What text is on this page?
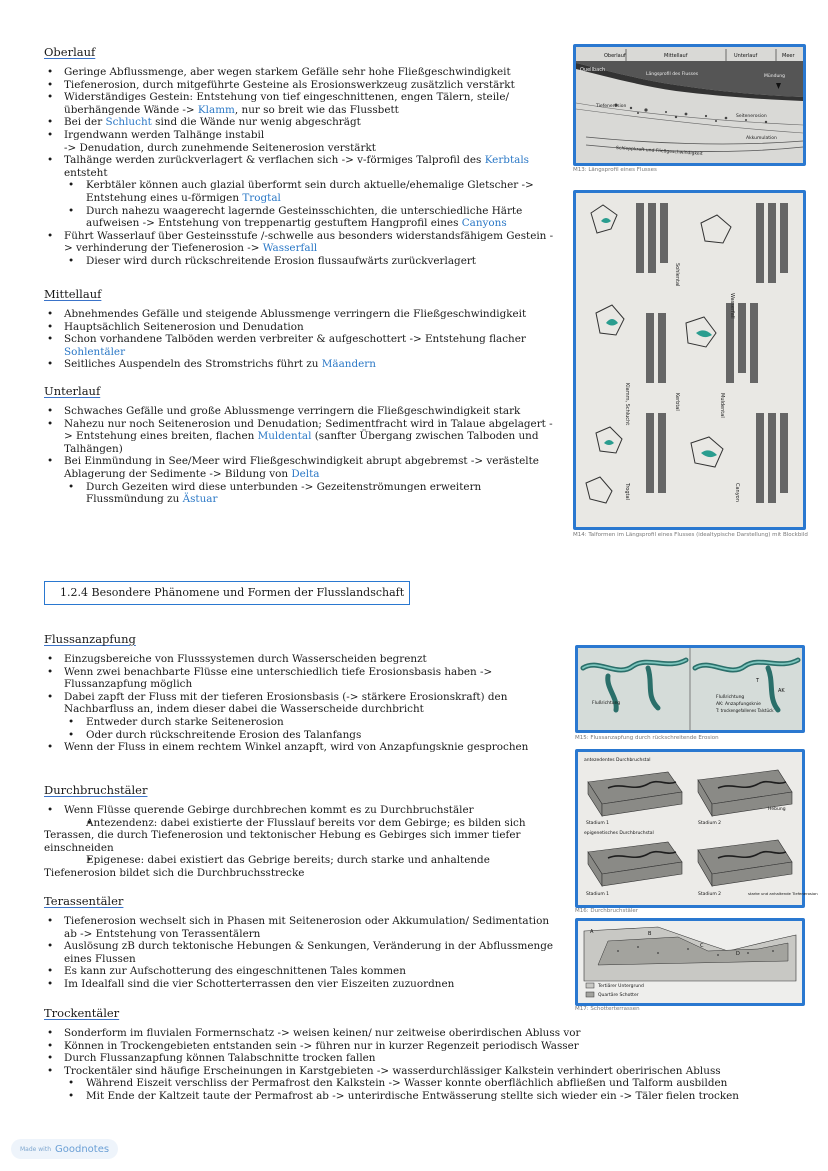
Oberlauf

• Geringe Abflussmenge, aber wegen starkem Gefälle sehr hohe Fließgeschwindigkeit
• Tiefenerosion, durch mitgeführte Gesteine als Erosionswerkzeug zusätzlich verstärkt
• Widerständiges Gestein: Entstehung von tief eingeschnittenen, engen Tälern, steile/ überhängende Wände -> Klamm, nur so breit wie das Flussbett
• Bei der Schlucht sind die Wände nur wenig abgeschrägt
• Irgendwann werden Talhänge instabil
-> Denudation, durch zunehmende Seitenerosion verstärkt
• Talhänge werden zurückverlagert & verflachen sich -> v-förmiges Talprofil des Kerbtals entsteht
• Kerbtäler können auch glazial überformt sein durch aktuelle/ehemalige Gletscher -> Entstehung eines u-förmigen Trogtal
• Durch nahezu waagerecht lagernde Gesteinsschichten, die unterschiedliche Härte aufweisen -> Entstehung von treppenartig gestuftem Hangprofil eines Canyons
• Führt Wasserlauf über Gesteinsstufe /-schwelle aus besonders widerstandsfähigem Gestein -> verhinderung der Tiefenerosion -> Wasserfall
• Dieser wird durch rückschreitende Erosion flussaufwärts zurückverlagert

Mittellauf

• Abnehmendes Gefälle und steigende Ablussmenge verringern die Fließgeschwindigkeit
• Hauptsächlich Seitenerosion und Denudation
• Schon vorhandene Talböden werden verbreiter & aufgeschottert -> Entstehung flacher Sohlentäler
• Seitliches Auspendeln des Stromstrichs führt zu Mäandern

Unterlauf

• Schwaches Gefälle und große Ablussmenge verringern die Fließgeschwindigkeit stark
• Nahezu nur noch Seitenerosion und Denudation; Sedimentfracht wird in Talaue abgelagert -> Entstehung eines breiten, flachen Muldental (sanfter Übergang zwischen Talboden und Talhängen)
• Bei Einmündung in See/Meer wird Fließgeschwindigkeit abrupt abgebremst -> verästelte Ablagerung der Sedimente -> Bildung von Delta
• Durch Gezeiten wird diese unterbunden -> Gezeitenströmungen erweitern Flussmündung zu Ästuar
1.2.4 Besondere Phänomene und Formen der Flusslandschaft

Flussanzapfung

• Einzugsbereiche von Flusssystemen durch Wasserscheiden begrenzt
• Wenn zwei benachbarte Flüsse eine unterschiedlich tiefe Erosionsbasis haben -> Flussanzapfung möglich
• Dabei zapft der Fluss mit der tieferen Erosionsbasis (-> stärkere Erosionskraft) den Nachbarfluss an, indem dieser dabei die Wasserscheide durchbricht
• Entweder durch starke Seitenerosion
• Oder durch rückschreitende Erosion des Talanfangs
• Wenn der Fluss in einem rechtem Winkel anzapft, wird von Anzapfungsknie gesprochen

Durchbruchstäler

• Wenn Flüsse querende Gebirge durchbrechen kommt es zu Durchbruchstäler
• Antezendenz: dabei existierte der Flusslauf bereits vor dem Gebirge; es bilden sich Terassen, die durch Tiefenerosion und tektonischer Hebung es Gebirges sich immer tiefer einschneiden
• Epigenese: dabei existiert das Gebrige bereits; durch starke und anhaltende Tiefenerosion bildet sich die Durchbruchsstrecke

Terassentäler

• Tiefenerosion wechselt sich in Phasen mit Seitenerosion oder Akkumulation/ Sedimentation ab -> Entstehung von Terassentälern
• Auslösung zB durch tektonische Hebungen & Senkungen, Veränderung in der Abflussmenge eines Flussen
• Es kann zur Aufschotterung des eingeschnittenen Tales kommen
• Im Idealfall sind die vier Schotterterrassen den vier Eiszeiten zuzuordnen

Trockentäler

• Sonderform im fluvialen Formernschatz -> weisen keinen/ nur zeitweise oberirdischen Abluss vor
• Können in Trockengebieten entstanden sein -> führen nur in kurzer Regenzeit periodisch Wasser
• Durch Flussanzapfung können Talabschnitte trocken fallen
• Trockentäler sind häufige Erscheinungen in Karstgebieten -> wasserdurchlässiger Kalkstein verhindert oberirischen Abluss
• Während Eiszeit verschliss der Permafrost den Kalkstein -> Wasser konnte oberflächlich abfließen und Talform ausbilden
• Mit Ende der Kaltzeit taute der Permafrost ab -> unterirdische Entwässerung stellte sich wieder ein -> Täler fielen trocken
Oberlauf	Mittellauf	Unterlauf	Meer
Quellbach
Längsprofil des Flusses	Mündung
Tiefenerosion
Seitenerosion
Akkumulation
Schleppkraft und Fließgeschwindigkeit
M13: Längsprofil eines Flusses
Wasserfall
Kerbtal
Klamm, Schlucht
Trogtal
Sohlental
Muldental
Canyon
M14: Talformen im Längsprofil eines Flusses (idealtypische Darstellung) mit Blockbild
Flußrichtung
Flußrichtung
AK: Anzapfungsknie
T: trockengefallenes Talstück
AK
T
M15: Flussanzapfung durch rückschreitende Erosion
antezedentes Durchbruchstal
Stadium 1	Stadium 2
Hebung
epigenetisches Durchbruchstal
Stadium 1	Stadium 2	starke und anhaltende Tiefenerosion
M16: Durchbruchstäler
A	B
C
D
Tertiärer Untergrund
Quartäre Schotter
M17: Schotterterrassen
Made with Goodnotes
